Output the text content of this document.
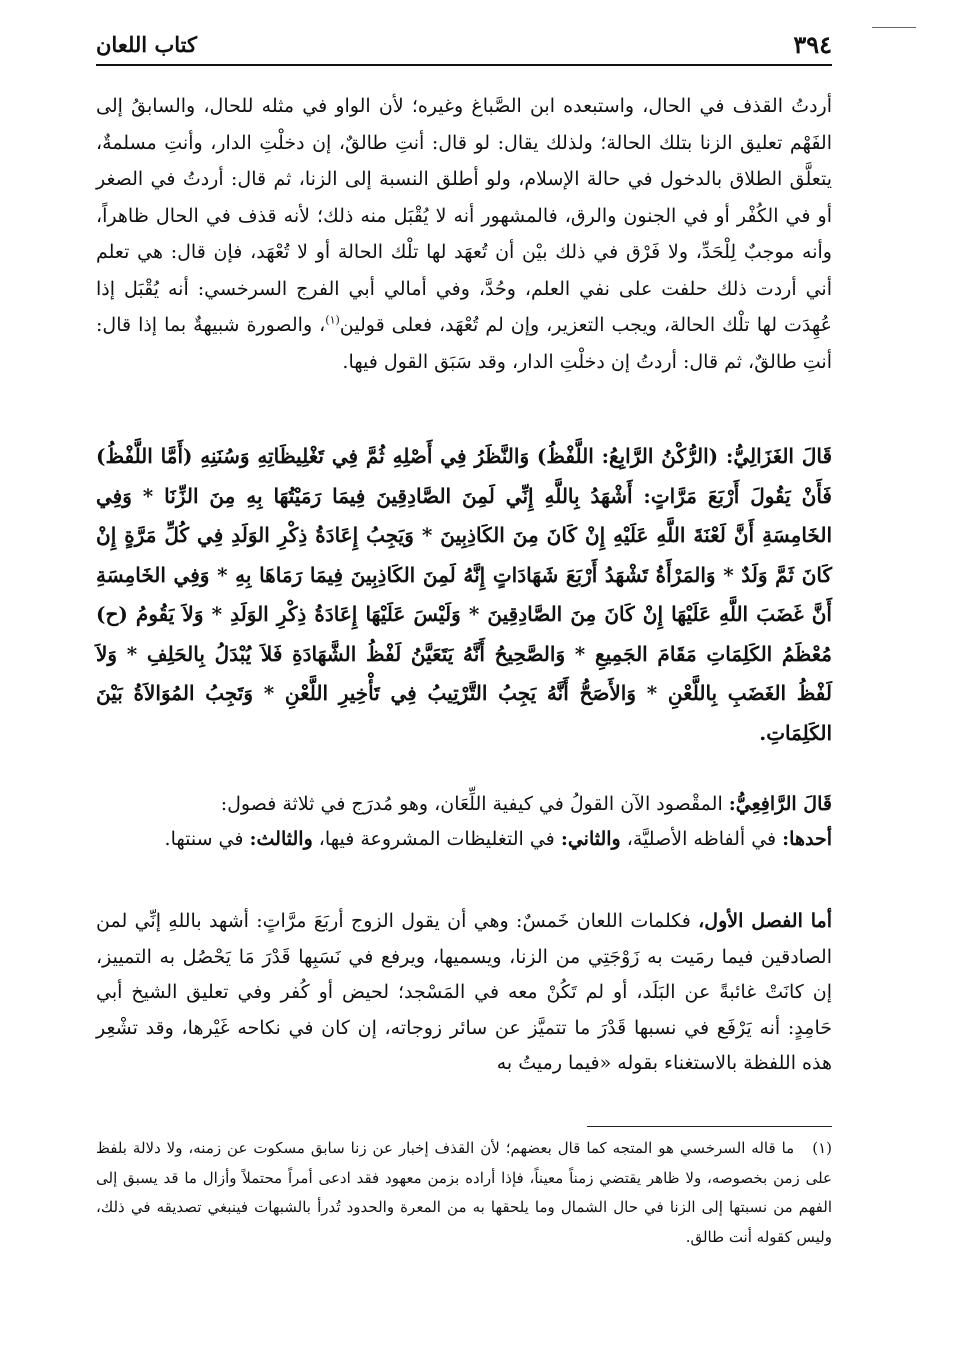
٣٩٤
كتاب اللعان

أردتُ القذف في الحال، واستبعده ابن الصَّباغ وغيره؛ لأن الواو في مثله للحال، والسابقُ إلى الفَهْم تعليق الزنا بتلك الحالة؛ ولذلك يقال: لو قال: أنتِ طالقٌ، إن دخلْتِ الدار، وأنتِ مسلمةٌ، يتعلَّق الطلاق بالدخول في حالة الإسلام، ولو أطلق النسبة إلى الزنا، ثم قال: أردتُ في الصغر أو في الكُفْر أو في الجنون والرق، فالمشهور أنه لا يُقْبَل منه ذلك؛ لأنه قذف في الحال ظاهراً، وأنه موجبٌ لِلْحَدِّ، ولا فَرْق في ذلك بيْن أن تُعهَد لها تلْك الحالة أو لا تُعْهَد، فإن قال: هي تعلم أني أردت ذلك حلفت على نفي العلم، وحُدَّ، وفي أمالي أبي الفرج السرخسي: أنه يُقْبَل إذا عُهِدَت لها تلْك الحالة، ويجب التعزير، وإن لم تُعْهَد، فعلى قولين$^{(١)}$، والصورة شبيهةٌ بما إذا قال: أنتِ طالقٌ، ثم قال: أردتُ إن دخلْتِ الدار، وقد سَبَق القول فيها.

قَالَ الغَزَالِيُّ: (الرُّكْنُ الرَّابِعُ: اللَّفْظُ) وَالنَّظَرُ فِي أَصْلِهِ ثُمَّ فِي تَغْلِيظَاتِهِ وَسُنَنِهِ (أَمَّا اللَّفْظُ) فَأَنْ يَقُولَ أَرْبَعَ مَرَّاتٍ: أَشْهَدُ بِاللَّهِ إِنِّي لَمِنَ الصَّادِقِينَ فِيمَا رَمَيْتُهَا بِهِ مِنَ الزِّنَا * وَفِي الخَامِسَةِ أَنَّ لَعْنَةَ اللَّهِ عَلَيْهِ إِنْ كَانَ مِنَ الكَاذِبِينَ * وَيَجِبُ إِعَادَةُ ذِكْرِ الوَلَدِ فِي كُلِّ مَرَّةٍ إِنْ كَانَ ثَمَّ وَلَدٌ * وَالمَرْأَةُ تَشْهَدُ أَرْبَعَ شَهَادَاتٍ إِنَّهُ لَمِنَ الكَاذِبِينَ فِيمَا رَمَاهَا بِهِ * وَفِي الخَامِسَةِ أَنَّ غَضَبَ اللَّهِ عَلَيْهَا إِنْ كَانَ مِنَ الصَّادِقِينَ * وَلَيْسَ عَلَيْهَا إِعَادَةُ ذِكْرِ الوَلَدِ * وَلاَ يَقُومُ (ح) مُعْظَمُ الكَلِمَاتِ مَقَامَ الجَمِيعِ * وَالصَّحِيحُ أَنَّهُ يَتَعَيَّنُ لَفْظُ الشَّهَادَةِ فَلاَ يُبْدَلُ بِالحَلِفِ * وَلاَ لَفْظُ الغَضَبِ بِاللَّعْنِ * وَالأَصَحُّ أَنَّهُ يَجِبُ التَّرْتِيبُ فِي تَأْخِيرِ اللَّعْنِ * وَتَجِبُ المُوَالاَةُ بَيْنَ الكَلِمَاتِ.

قَالَ الرَّافِعِيُّ: المقْصود الآن القولُ في كيفية اللِّعَان، وهو مُدرَج في ثلاثة فصول:
أحدها: في ألفاظه الأصليَّة، والثاني: في التغليظات المشروعة فيها، والثالث: في سنتها.

أما الفصل الأول، فكلمات اللعان خَمسٌ: وهي أن يقول الزوج أربَعَ مرَّاتٍ: أشهد باللهِ إنِّي لمن الصادقين فيما رمَيت به زَوْجَتِي من الزنا، ويسميها، ويرفع في نَسَبِها قَدْرَ مَا يَحْصُل به التمييز، إن كانَتْ غائبةً عن البَلَد، أو لم تَكُنْ معه في المَسْجد؛ لحيض أو كُفر وفي تعليق الشيخ أبي حَامِدٍ: أنه يَرْفَع في نسبها قَدْرَ ما تتميَّز عن سائر زوجاته، إن كان في نكاحه غَيْرها، وقد تشْعِر هذه اللفظة بالاستغناء بقوله «فيما رميتُ به

(١)ما قاله السرخسي هو المتجه كما قال بعضهم؛ لأن القذف إخبار عن زنا سابق مسكوت عن زمنه، ولا دلالة بلفظ على زمن بخصوصه، ولا ظاهر يقتضي زمناً معيناً، فإذا أراده بزمن معهود فقد ادعى أمراً محتملاً وأزال ما قد يسبق إلى الفهم من نسبتها إلى الزنا في حال الشمال وما يلحقها به من المعرة والحدود تُدرأ بالشبهات فينبغي تصديقه في ذلك، وليس كقوله أنت طالق.
